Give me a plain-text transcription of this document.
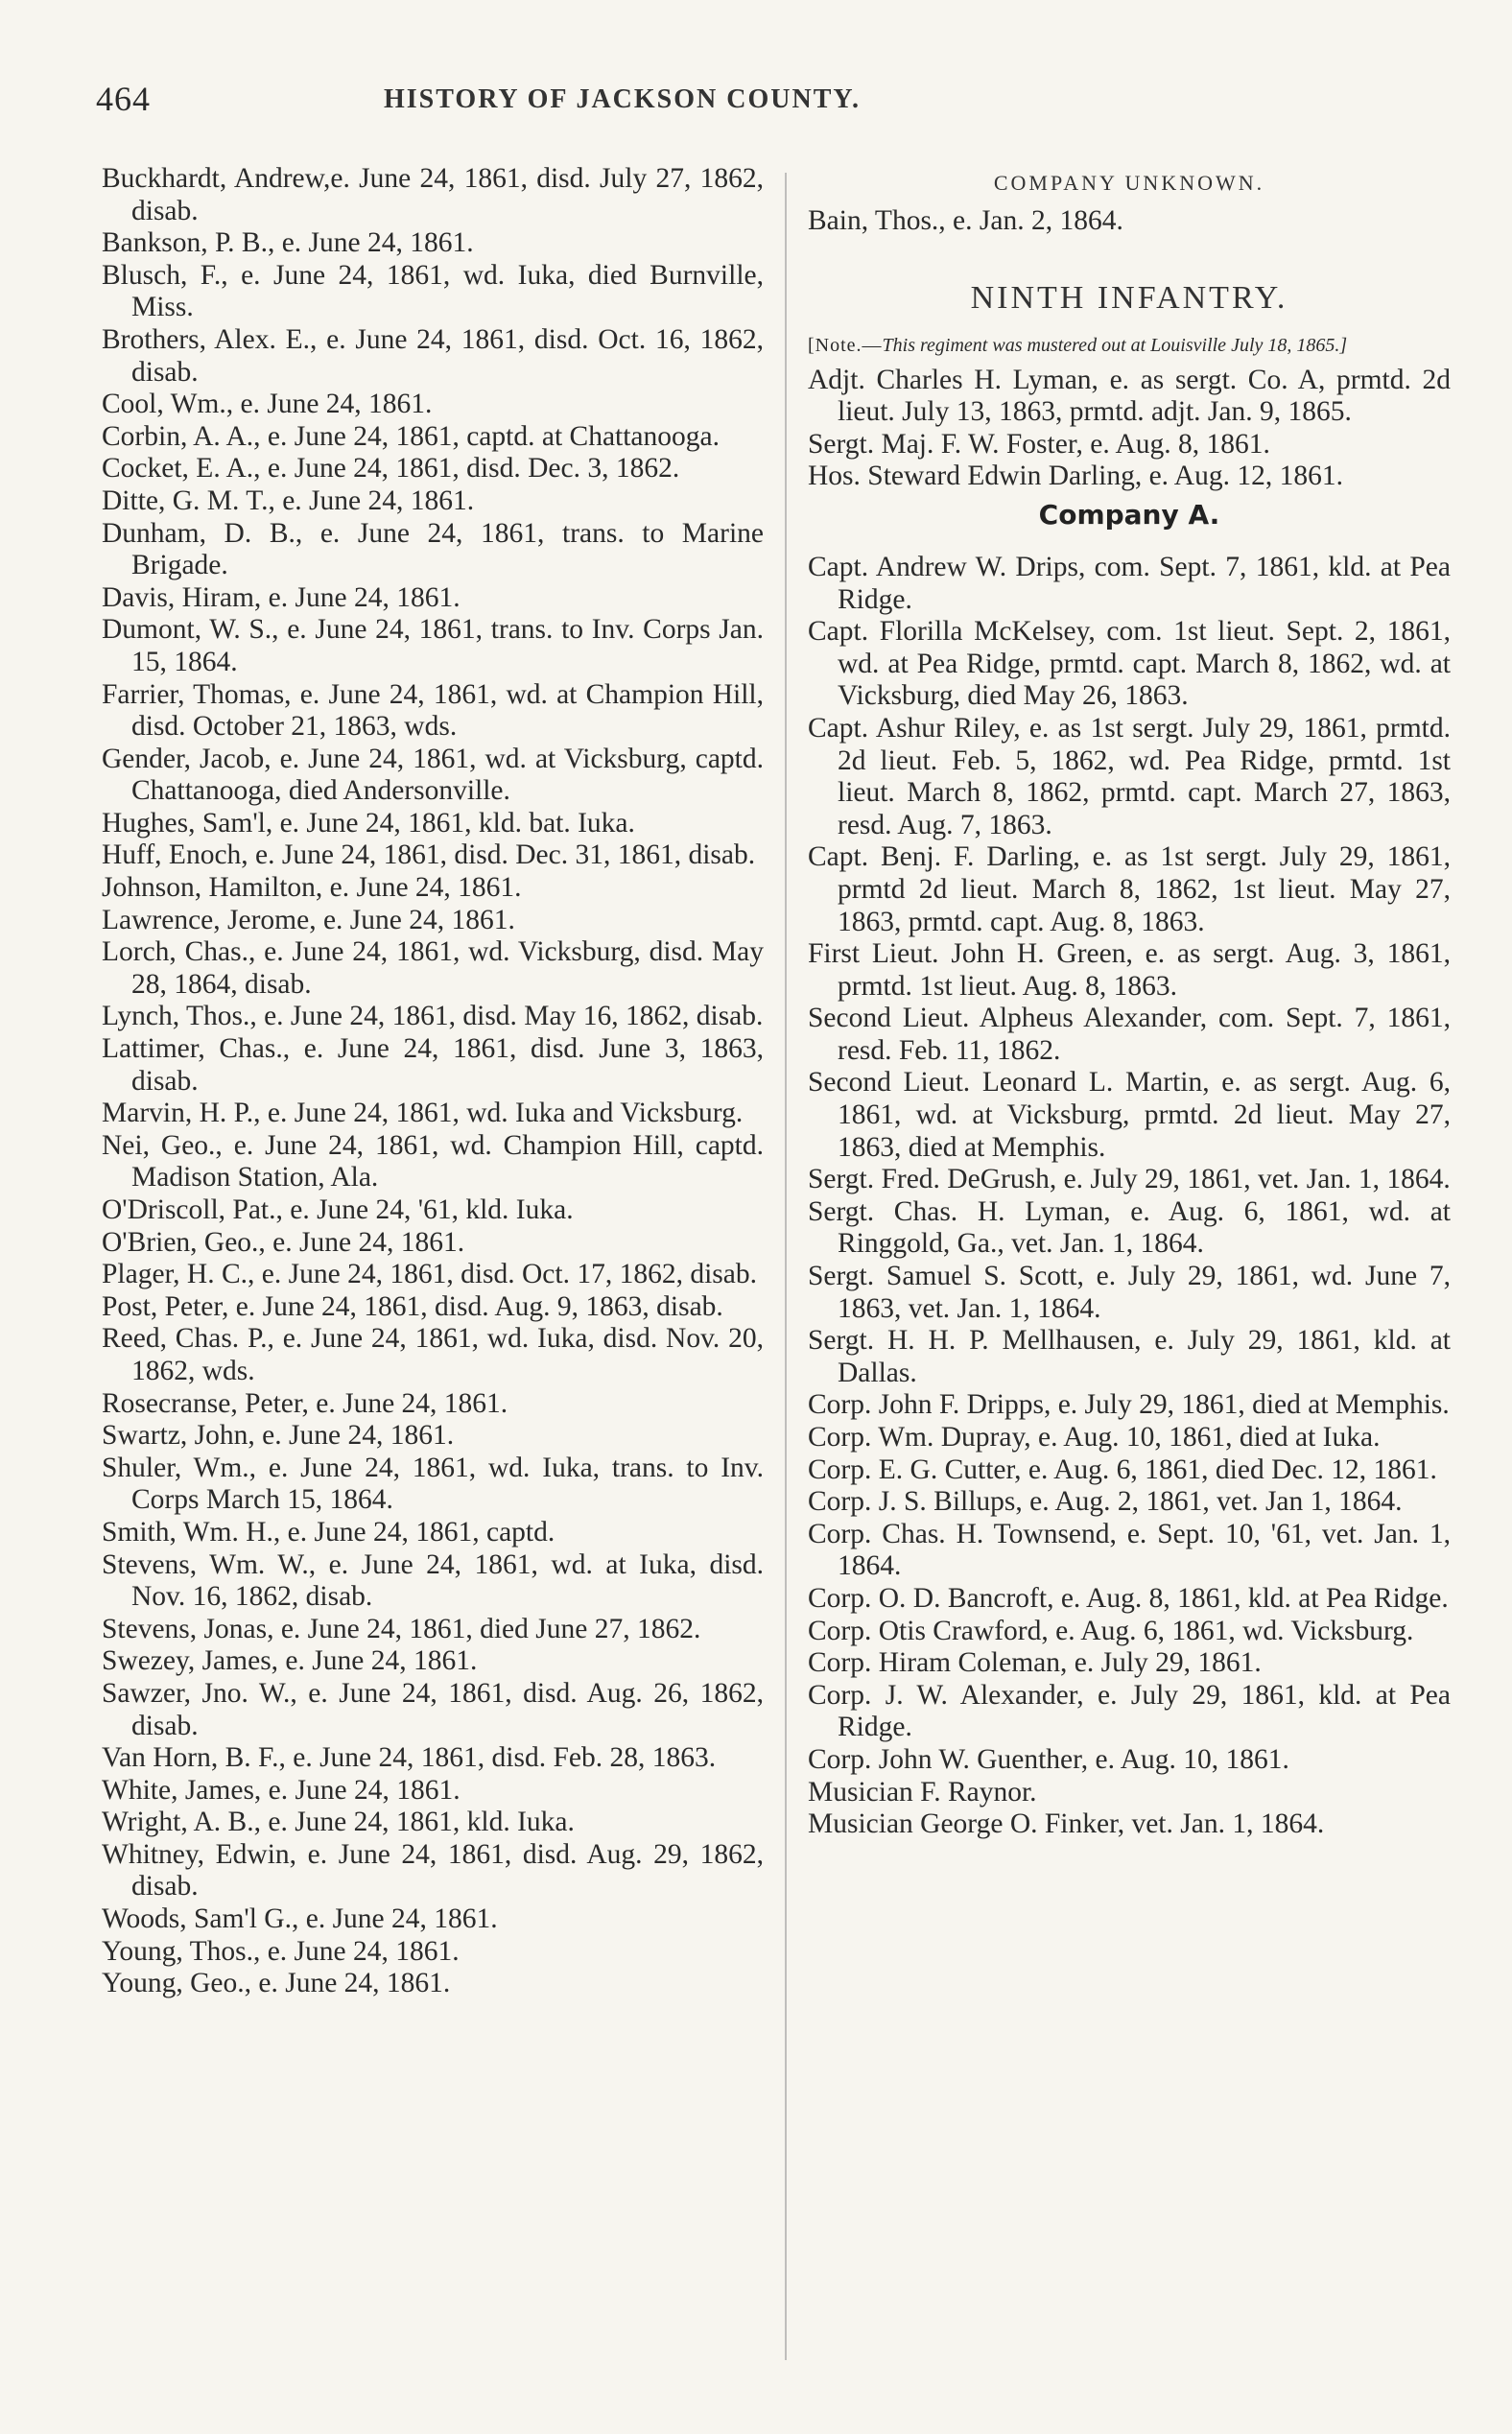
464	HISTORY OF JACKSON COUNTY.
Buckhardt, Andrew,e. June 24, 1861, disd. July 27, 1862, disab.
Bankson, P. B., e. June 24, 1861.
Blusch, F., e. June 24, 1861, wd. Iuka, died Burnville, Miss.
Brothers, Alex. E., e. June 24, 1861, disd. Oct. 16, 1862, disab.
Cool, Wm., e. June 24, 1861.
Corbin, A. A., e. June 24, 1861, captd. at Chattanooga.
Cocket, E. A., e. June 24, 1861, disd. Dec. 3, 1862.
Ditte, G. M. T., e. June 24, 1861.
Dunham, D. B., e. June 24, 1861, trans. to Marine Brigade.
Davis, Hiram, e. June 24, 1861.
Dumont, W. S., e. June 24, 1861, trans. to Inv. Corps Jan. 15, 1864.
Farrier, Thomas, e. June 24, 1861, wd. at Champion Hill, disd. October 21, 1863, wds.
Gender, Jacob, e. June 24, 1861, wd. at Vicksburg, captd. Chattanooga, died Andersonville.
Hughes, Sam'l, e. June 24, 1861, kld. bat. Iuka.
Huff, Enoch, e. June 24, 1861, disd. Dec. 31, 1861, disab.
Johnson, Hamilton, e. June 24, 1861.
Lawrence, Jerome, e. June 24, 1861.
Lorch, Chas., e. June 24, 1861, wd. Vicksburg, disd. May 28, 1864, disab.
Lynch, Thos., e. June 24, 1861, disd. May 16, 1862, disab.
Lattimer, Chas., e. June 24, 1861, disd. June 3, 1863, disab.
Marvin, H. P., e. June 24, 1861, wd. Iuka and Vicksburg.
Nei, Geo., e. June 24, 1861, wd. Champion Hill, captd. Madison Station, Ala.
O'Driscoll, Pat., e. June 24, '61, kld. Iuka.
O'Brien, Geo., e. June 24, 1861.
Plager, H. C., e. June 24, 1861, disd. Oct. 17, 1862, disab.
Post, Peter, e. June 24, 1861, disd. Aug. 9, 1863, disab.
Reed, Chas. P., e. June 24, 1861, wd. Iuka, disd. Nov. 20, 1862, wds.
Rosecranse, Peter, e. June 24, 1861.
Swartz, John, e. June 24, 1861.
Shuler, Wm., e. June 24, 1861, wd. Iuka, trans. to Inv. Corps March 15, 1864.
Smith, Wm. H., e. June 24, 1861, captd.
Stevens, Wm. W., e. June 24, 1861, wd. at Iuka, disd. Nov. 16, 1862, disab.
Stevens, Jonas, e. June 24, 1861, died June 27, 1862.
Swezey, James, e. June 24, 1861.
Sawzer, Jno. W., e. June 24, 1861, disd. Aug. 26, 1862, disab.
Van Horn, B. F., e. June 24, 1861, disd. Feb. 28, 1863.
White, James, e. June 24, 1861.
Wright, A. B., e. June 24, 1861, kld. Iuka.
Whitney, Edwin, e. June 24, 1861, disd. Aug. 29, 1862, disab.
Woods, Sam'l G., e. June 24, 1861.
Young, Thos., e. June 24, 1861.
Young, Geo., e. June 24, 1861.
COMPANY UNKNOWN.
Bain, Thos., e. Jan. 2, 1864.
NINTH INFANTRY.
[Note.—This regiment was mustered out at Louisville July 18, 1865.]
Adjt. Charles H. Lyman, e. as sergt. Co. A, prmtd. 2d lieut. July 13, 1863, prmtd. adjt. Jan. 9, 1865.
Sergt. Maj. F. W. Foster, e. Aug. 8, 1861.
Hos. Steward Edwin Darling, e. Aug. 12, 1861.
Company A.
Capt. Andrew W. Drips, com. Sept. 7, 1861, kld. at Pea Ridge.
Capt. Florilla McKelsey, com. 1st lieut. Sept. 2, 1861, wd. at Pea Ridge, prmtd. capt. March 8, 1862, wd. at Vicksburg, died May 26, 1863.
Capt. Ashur Riley, e. as 1st sergt. July 29, 1861, prmtd. 2d lieut. Feb. 5, 1862, wd. Pea Ridge, prmtd. 1st lieut. March 8, 1862, prmtd. capt. March 27, 1863, resd. Aug. 7, 1863.
Capt. Benj. F. Darling, e. as 1st sergt. July 29, 1861, prmtd 2d lieut. March 8, 1862, 1st lieut. May 27, 1863, prmtd. capt. Aug. 8, 1863.
First Lieut. John H. Green, e. as sergt. Aug. 3, 1861, prmtd. 1st lieut. Aug. 8, 1863.
Second Lieut. Alpheus Alexander, com. Sept. 7, 1861, resd. Feb. 11, 1862.
Second Lieut. Leonard L. Martin, e. as sergt. Aug. 6, 1861, wd. at Vicksburg, prmtd. 2d lieut. May 27, 1863, died at Memphis.
Sergt. Fred. DeGrush, e. July 29, 1861, vet. Jan. 1, 1864.
Sergt. Chas. H. Lyman, e. Aug. 6, 1861, wd. at Ringgold, Ga., vet. Jan. 1, 1864.
Sergt. Samuel S. Scott, e. July 29, 1861, wd. June 7, 1863, vet. Jan. 1, 1864.
Sergt. H. H. P. Mellhausen, e. July 29, 1861, kld. at Dallas.
Corp. John F. Dripps, e. July 29, 1861, died at Memphis.
Corp. Wm. Dupray, e. Aug. 10, 1861, died at Iuka.
Corp. E. G. Cutter, e. Aug. 6, 1861, died Dec. 12, 1861.
Corp. J. S. Billups, e. Aug. 2, 1861, vet. Jan 1, 1864.
Corp. Chas. H. Townsend, e. Sept. 10, '61, vet. Jan. 1, 1864.
Corp. O. D. Bancroft, e. Aug. 8, 1861, kld. at Pea Ridge.
Corp. Otis Crawford, e. Aug. 6, 1861, wd. Vicksburg.
Corp. Hiram Coleman, e. July 29, 1861.
Corp. J. W. Alexander, e. July 29, 1861, kld. at Pea Ridge.
Corp. John W. Guenther, e. Aug. 10, 1861.
Musician F. Raynor.
Musician George O. Finker, vet. Jan. 1, 1864.
